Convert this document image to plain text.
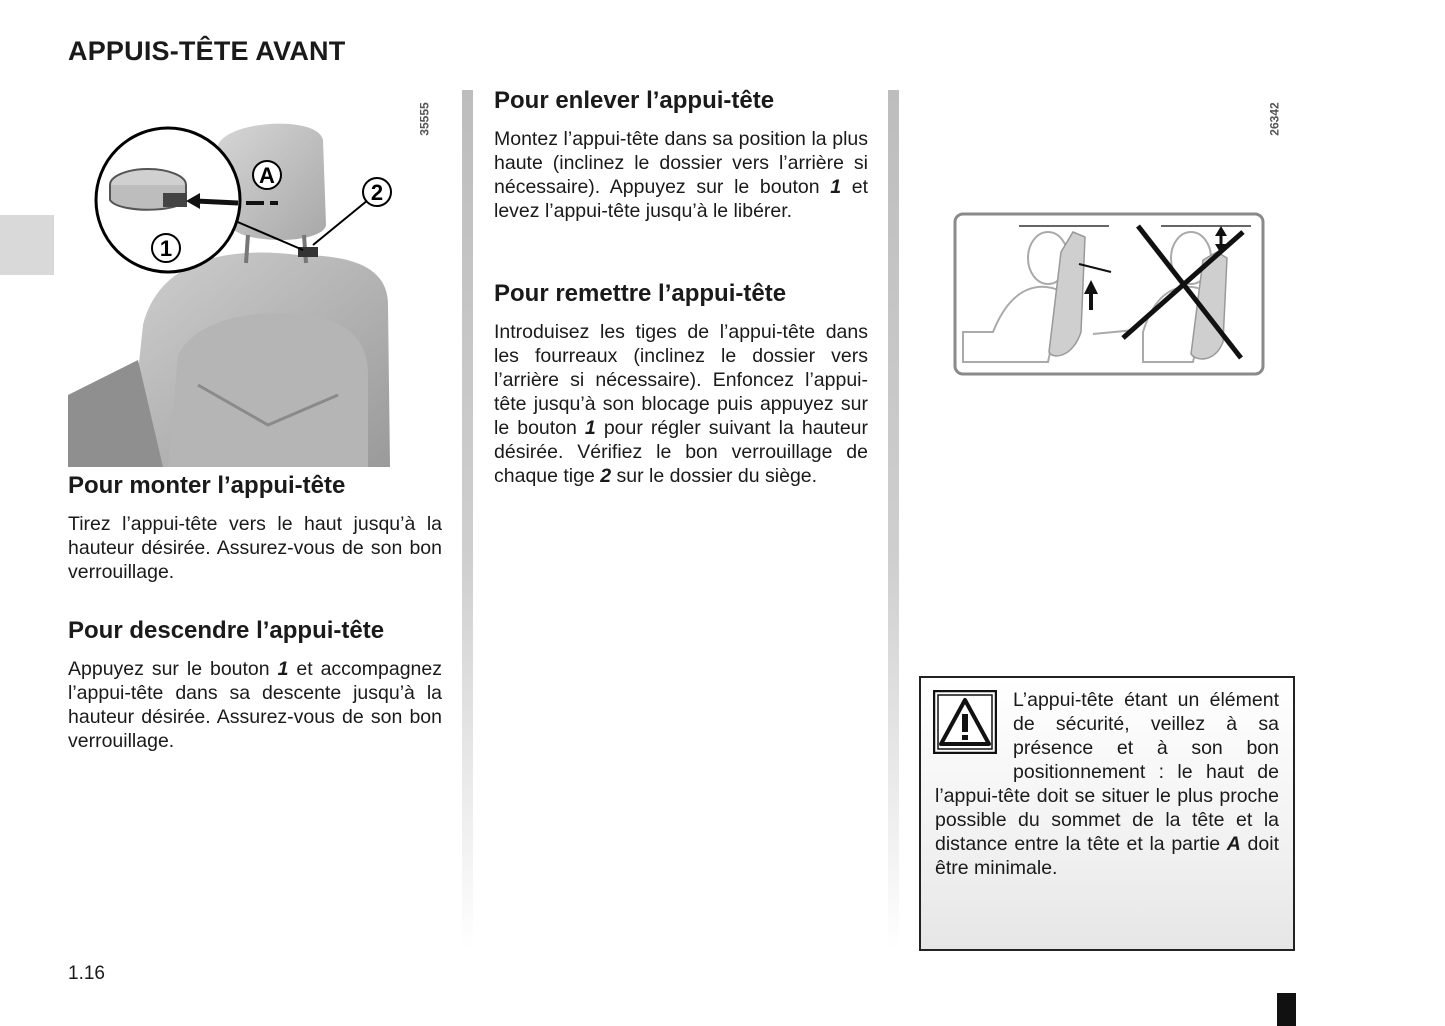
APPUIS-TÊTE AVANT
A
2
1
35555
Pour monter l’appui-tête

Tirez l’appui-tête vers le haut jusqu’à la hauteur désirée. Assurez-vous de son bon verrouillage.

Pour descendre l’appui-tête

Appuyez sur le bouton 1 et accompagnez l’appui-tête dans sa descente jusqu’à la hauteur désirée. Assurez-vous de son bon verrouillage.

Pour enlever l’appui-tête

Montez l’appui-tête dans sa position la plus haute (inclinez le dossier vers l’arrière si nécessaire). Appuyez sur le bouton 1 et levez l’appui-tête jusqu’à le libérer.

Pour remettre l’appui-tête

Introduisez les tiges de l’appui-tête dans les fourreaux (inclinez le dossier vers l’arrière si nécessaire). Enfoncez l’appui-tête jusqu’à son blocage puis appuyez sur le bouton 1 pour régler suivant la hauteur désirée. Vérifiez le bon verrouillage de chaque tige 2 sur le dossier du siège.

26342
L’appui-tête étant un élément de sécurité, veillez à sa présence et à son bon positionnement : le haut de l’appui-tête doit se situer le plus proche possible du sommet de la tête et la distance entre la tête et la partie A doit être minimale.
1.16
